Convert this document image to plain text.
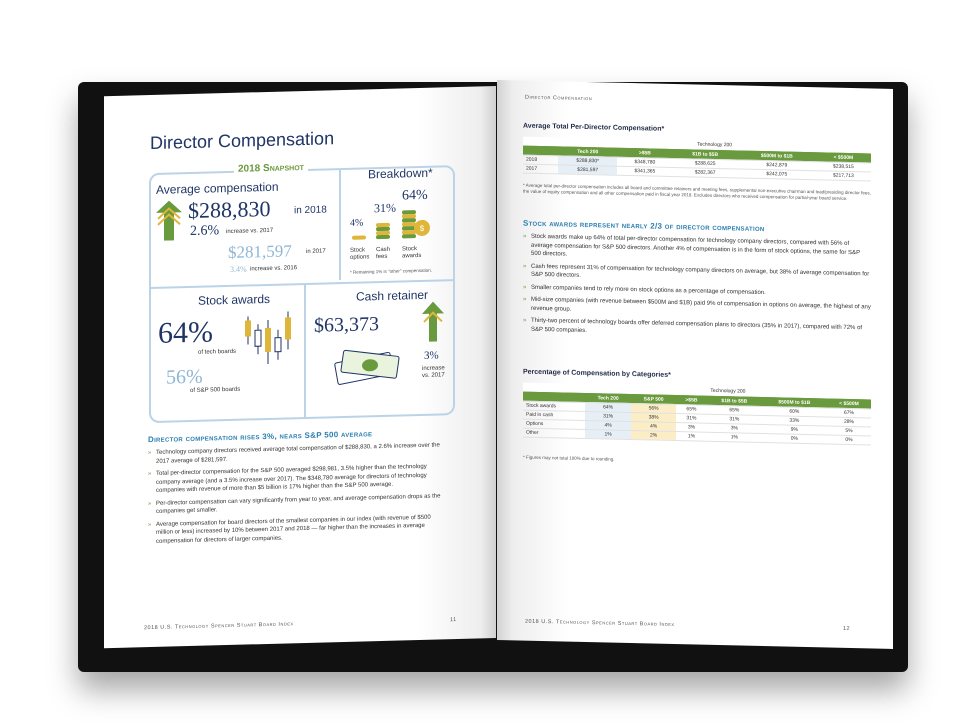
Director Compensation
2018 Snapshot
Average compensation
$288,830 in 2018
2.6% increase vs. 2017
$281,597 in 2017
3.4% increase vs. 2016
Breakdown*
4%
31%
64%
$
Stock options
Cash fees
Stock awards
* Remaining 1% is "other" compensation.
Stock awards
64%
of tech boards
56%
of S&P 500 boards
Cash retainer
$63,373
3%
increase vs. 2017
Director compensation rises 3%, nears S&P 500 average
» Technology company directors received average total compensation of $288,830, a 2.6% increase over the 2017 average of $281,597.
» Total per-director compensation for the S&P 500 averaged $298,981, 3.5% higher than the technology company average (and a 3.5% increase over 2017). The $348,780 average for directors of technology companies with revenue of more than $5 billion is 17% higher than the S&P 500 average.
» Per-director compensation can vary significantly from year to year, and average compensation drops as the companies get smaller.
» Average compensation for board directors of the smallest companies in our index (with revenue of $500 million or less) increased by 10% between 2017 and 2018 — far higher than the increases in average compensation for directors of larger companies.
2018 U.S. Technology Spencer Stuart Board Index
11
Director Compensation
Average Total Per-Director Compensation*
	Technology 200				
	Tech 200	>$5B	$1B to $5B	$500M to $1B	< $500M
2018	$288,830*	$348,780	$288,625	$242,879	$238,515
2017	$281,597	$341,365	$282,367	$242,075	$217,713
* Average total per-director compensation includes all board and committee retainers and meeting fees, supplemental non-executive chairman and lead/presiding director fees, the value of equity compensation and all other compensation paid in fiscal year 2018. Excludes directors who received compensation for partial-year board service.
Stock awards represent nearly 2/3 of director compensation
» Stock awards make up 64% of total per-director compensation for technology company directors, compared with 56% of average compensation for S&P 500 directors. Another 4% of compensation is in the form of stock options, the same for S&P 500 directors.
» Cash fees represent 31% of compensation for technology company directors on average, but 38% of average compensation for S&P 500 directors.
» Smaller companies tend to rely more on stock options as a percentage of compensation.
» Mid-size companies (with revenue between $500M and $1B) paid 9% of compensation in options on average, the highest of any revenue group.
» Thirty-two percent of technology boards offer deferred compensation plans to directors (35% in 2017), compared with 72% of S&P 500 companies.
Percentage of Compensation by Categories*
	Technology 200					
	Tech 200	S&P 500	>$5B	$1B to $5B	$500M to $1B	< $500M
Stock awards	64%	56%	65%	65%	60%	67%
Paid in cash	31%	38%	31%	31%	33%	28%
Options	4%	4%	3%	3%	9%	5%
Other	1%	2%	1%	1%	0%	0%
* Figures may not total 100% due to rounding.
2018 U.S. Technology Spencer Stuart Board Index
12
